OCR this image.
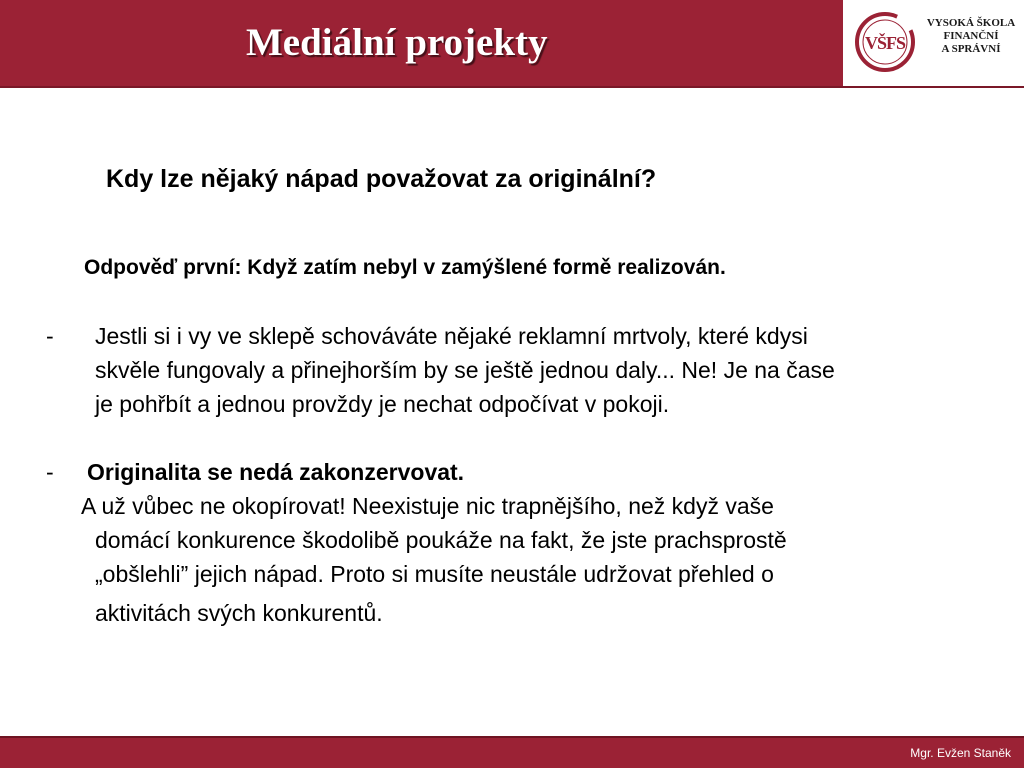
Mediální projekty	VŠFS
VYSOKÁ ŠKOLA
FINANČNÍ
A SPRÁVNÍ
Kdy lze nějaký nápad považovat za originální?
Odpověď první: Když zatím nebyl v zamýšlené formě realizován.
- Jestli si i vy ve sklepě schováváte nějaké reklamní mrtvoly, které kdysi
skvěle fungovaly a přinejhorším by se ještě jednou daly... Ne! Je na čase
je pohřbít a jednou provždy je nechat odpočívat v pokoji.
- Originalita se nedá zakonzervovat.
A už vůbec ne okopírovat! Neexistuje nic trapnějšího, než když vaše
domácí konkurence škodolibě poukáže na fakt, že jste prachsprostě
„obšlehli” jejich nápad. Proto si musíte neustále udržovat přehled o
aktivitách svých konkurentů.
Mgr. Evžen Staněk
